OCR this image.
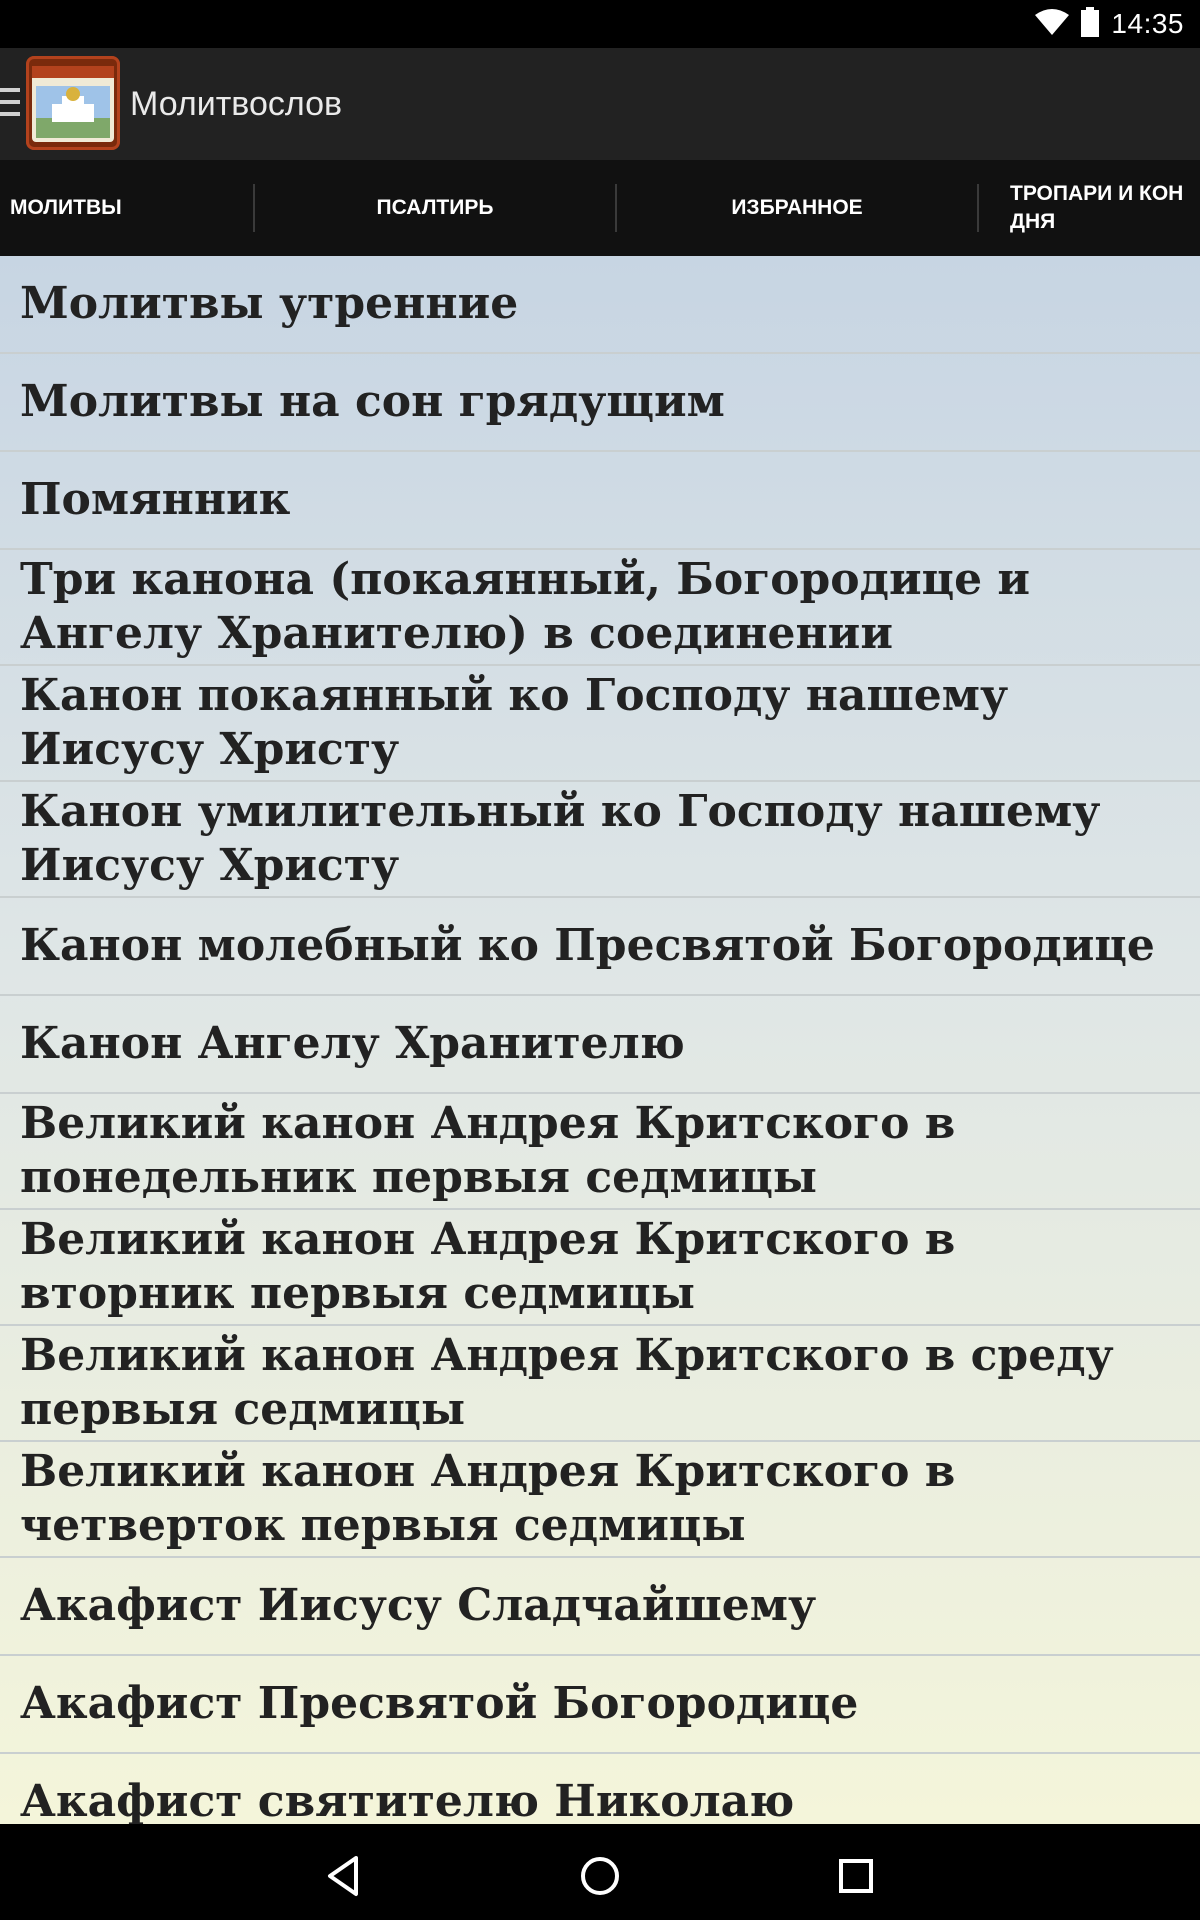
14:35
Молитвослов
МОЛИТВЫ	ПСАЛТИРЬ	ИЗБРАННОЕ
ТРОПАРИ И КОН ДНЯ
Молитвы утренние
Молитвы на сон грядущим
Помянник
Три канона (покаянный, Богородице и Ангелу Хранителю) в соединении
Канон покаянный ко Господу нашему Иисусу Христу
Канон умилительный ко Господу нашему Иисусу Христу
Канон молебный ко Пресвятой Богородице
Канон Ангелу Хранителю
Великий канон Андрея Критского в понедельник первыя седмицы
Великий канон Андрея Критского в вторник первыя седмицы
Великий канон Андрея Критского в среду первыя седмицы
Великий канон Андрея Критского в четверток первыя седмицы
Акафист Иисусу Сладчайшему
Акафист Пресвятой Богородице
Акафист святителю Николаю
